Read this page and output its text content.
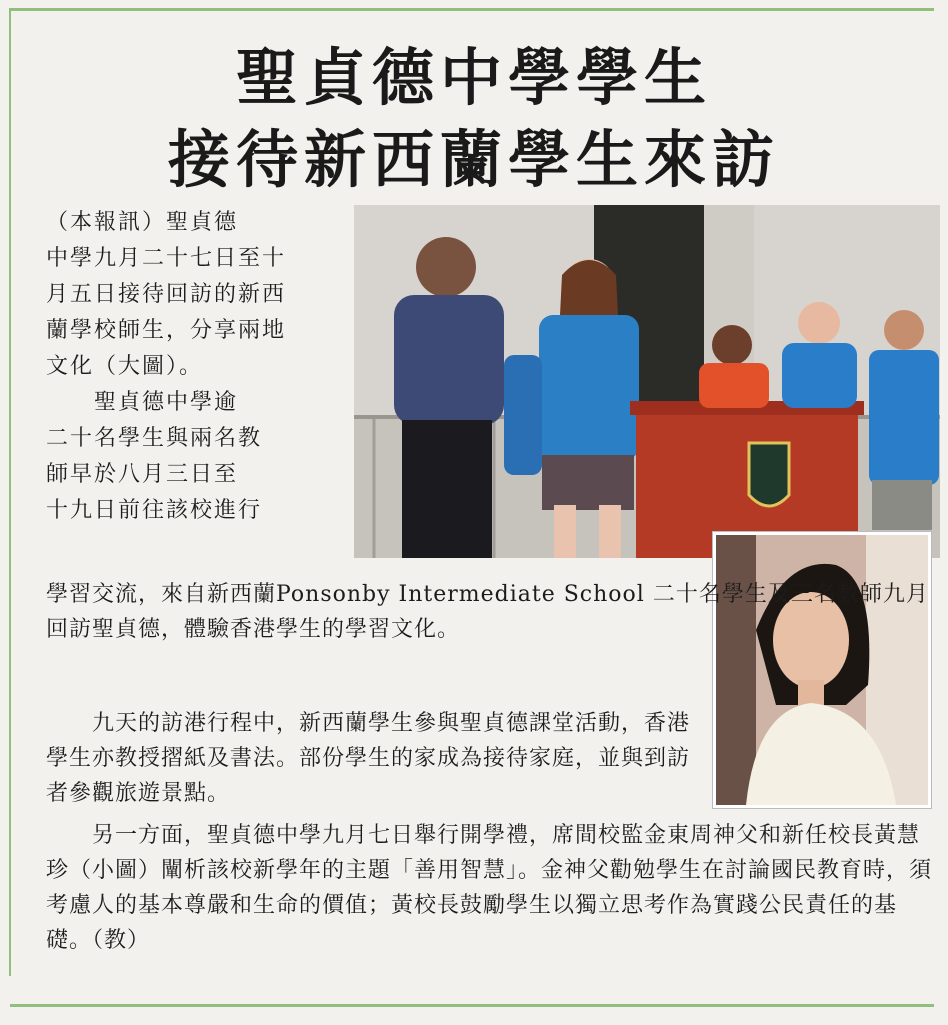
聖貞德中學學生
接待新西蘭學生來訪
（本報訊）聖貞德
中學九月二十七日至十
月五日接待回訪的新西
蘭學校師生，分享兩地
文化（大圖）。
　　聖貞德中學逾
二十名學生與兩名教
師早於八月三日至
十九日前往該校進行
學習交流，來自新西蘭Ponsonby Intermediate School 二十名學生及三名教師九月回訪聖貞德，體驗香港學生的學習文化。
　　九天的訪港行程中，新西蘭學生參與聖貞德課堂活動，香港學生亦教授摺紙及書法。部份學生的家成為接待家庭，並與到訪者參觀旅遊景點。
　　另一方面，聖貞德中學九月七日舉行開學禮，席間校監金東周神父和新任校長黃慧珍（小圖）闡析該校新學年的主題「善用智慧」。金神父勸勉學生在討論國民教育時，須考慮人的基本尊嚴和生命的價值；黃校長鼓勵學生以獨立思考作為實踐公民責任的基礎。（教）
